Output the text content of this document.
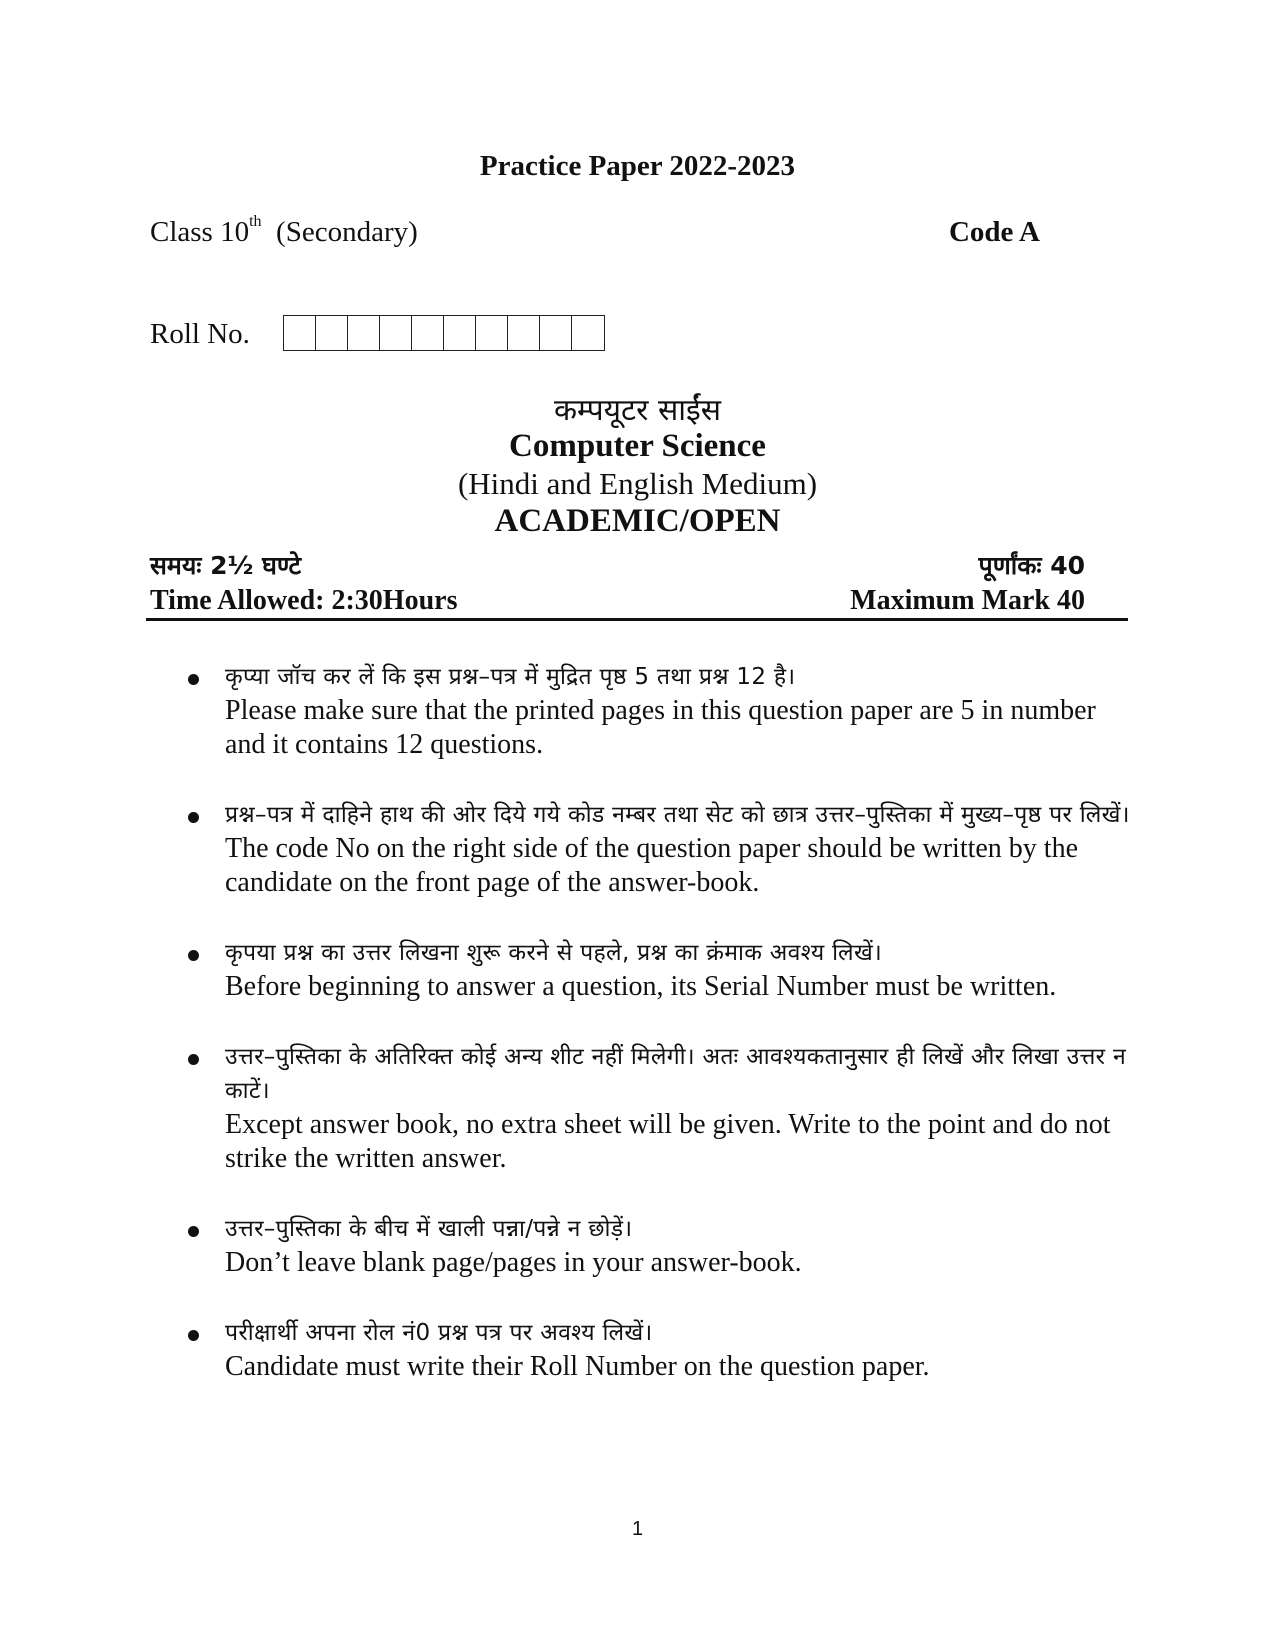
Practice Paper 2022-2023
Class 10th (Secondary)	Code A
Roll No.
कम्पयूटर साईंस
Computer Science
(Hindi and English Medium)
ACADEMIC/OPEN
समयः 2½ घण्टे	पूर्णांकः 40
Time Allowed: 2:30Hours	Maximum Mark 40
कृप्या जॉच कर लें कि इस प्रश्न–पत्र में मुद्रित पृष्ठ 5 तथा प्रश्न 12 है।
Please make sure that the printed pages in this question paper are 5 in number and it contains 12 questions.
प्रश्न–पत्र में दाहिने हाथ की ओर दिये गये कोड नम्बर तथा सेट को छात्र उत्तर–पुस्तिका में मुख्य–पृष्ठ पर लिखें।
The code No on the right side of the question paper should be written by the candidate on the front page of the answer-book.
कृपया प्रश्न का उत्तर लिखना शुरू करने से पहले, प्रश्न का क्रंमाक अवश्य लिखें।
Before beginning to answer a question, its Serial Number must be written.
उत्तर–पुस्तिका के अतिरिक्त कोई अन्य शीट नहीं मिलेगी। अतः आवश्यकतानुसार ही लिखें और लिखा उत्तर न काटें।
Except answer book, no extra sheet will be given. Write to the point and do not strike the written answer.
उत्तर–पुस्तिका के बीच में खाली पन्ना/पन्ने न छोड़ें।
Don’t leave blank page/pages in your answer-book.
परीक्षार्थी अपना रोल नं0 प्रश्न पत्र पर अवश्य लिखें।
Candidate must write their Roll Number on the question paper.
1
